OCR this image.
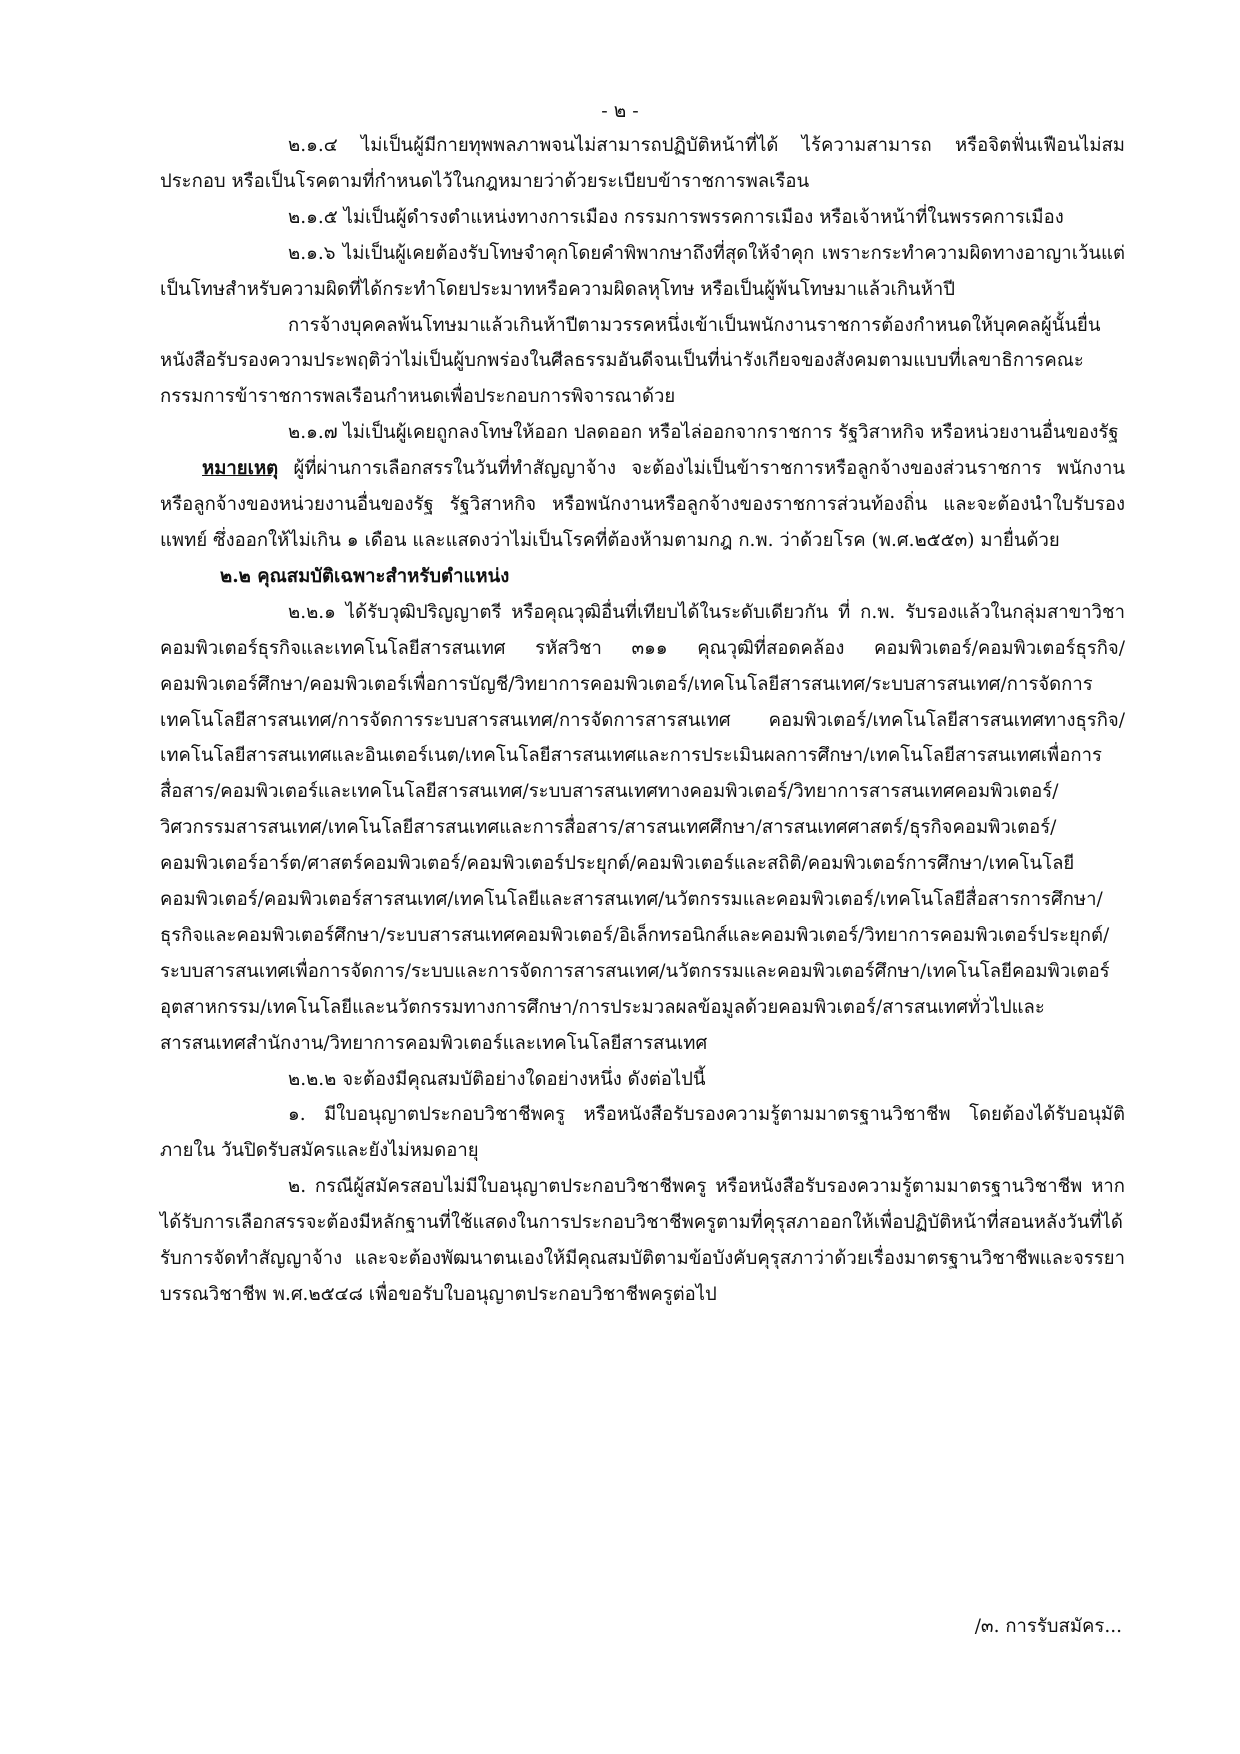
- ๒ -

๒.๑.๔ ไม่เป็นผู้มีกายทุพพลภาพจนไม่สามารถปฏิบัติหน้าที่ได้ ไร้ความสามารถ หรือจิตฟั่นเฟือนไม่สมประกอบ หรือเป็นโรคตามที่กำหนดไว้ในกฎหมายว่าด้วยระเบียบข้าราชการพลเรือน

๒.๑.๕ ไม่เป็นผู้ดำรงตำแหน่งทางการเมือง กรรมการพรรคการเมือง หรือเจ้าหน้าที่ในพรรคการเมือง

๒.๑.๖ ไม่เป็นผู้เคยต้องรับโทษจำคุกโดยคำพิพากษาถึงที่สุดให้จำคุก เพราะกระทำความผิดทางอาญาเว้นแต่เป็นโทษสำหรับความผิดที่ได้กระทำโดยประมาทหรือความผิดลหุโทษ หรือเป็นผู้พ้นโทษมาแล้วเกินห้าปี

การจ้างบุคคลพ้นโทษมาแล้วเกินห้าปีตามวรรคหนึ่งเข้าเป็นพนักงานราชการต้องกำหนดให้บุคคลผู้นั้นยื่นหนังสือรับรองความประพฤติว่าไม่เป็นผู้บกพร่องในศีลธรรมอันดีจนเป็นที่น่ารังเกียจของสังคมตามแบบที่เลขาธิการคณะกรรมการข้าราชการพลเรือนกำหนดเพื่อประกอบการพิจารณาด้วย

๒.๑.๗ ไม่เป็นผู้เคยถูกลงโทษให้ออก ปลดออก หรือไล่ออกจากราชการ รัฐวิสาหกิจ หรือหน่วยงานอื่นของรัฐ

หมายเหตุ ผู้ที่ผ่านการเลือกสรรในวันที่ทำสัญญาจ้าง จะต้องไม่เป็นข้าราชการหรือลูกจ้างของส่วนราชการ พนักงานหรือลูกจ้างของหน่วยงานอื่นของรัฐ รัฐวิสาหกิจ หรือพนักงานหรือลูกจ้างของราชการส่วนท้องถิ่น และจะต้องนำใบรับรองแพทย์ ซึ่งออกให้ไม่เกิน ๑ เดือน และแสดงว่าไม่เป็นโรคที่ต้องห้ามตามกฎ ก.พ. ว่าด้วยโรค (พ.ศ.๒๕๕๓) มายื่นด้วย

๒.๒ คุณสมบัติเฉพาะสำหรับตำแหน่ง

๒.๒.๑ ได้รับวุฒิปริญญาตรี หรือคุณวุฒิอื่นที่เทียบได้ในระดับเดียวกัน ที่ ก.พ. รับรองแล้วในกลุ่มสาขาวิชาคอมพิวเตอร์ธุรกิจและเทคโนโลยีสารสนเทศ รหัสวิชา ๓๑๑ คุณวุฒิที่สอดคล้อง คอมพิวเตอร์/คอมพิวเตอร์ธุรกิจ/คอมพิวเตอร์ศึกษา/คอมพิวเตอร์เพื่อการบัญชี/วิทยาการคอมพิวเตอร์/เทคโนโลยีสารสนเทศ/ระบบสารสนเทศ/การจัดการเทคโนโลยีสารสนเทศ/การจัดการระบบสารสนเทศ/การจัดการสารสนเทศ คอมพิวเตอร์/เทคโนโลยีสารสนเทศทางธุรกิจ/เทคโนโลยีสารสนเทศและอินเตอร์เนต/เทคโนโลยีสารสนเทศและการประเมินผลการศึกษา/เทคโนโลยีสารสนเทศเพื่อการสื่อสาร/คอมพิวเตอร์และเทคโนโลยีสารสนเทศ/ระบบสารสนเทศทางคอมพิวเตอร์/วิทยาการสารสนเทศคอมพิวเตอร์/วิศวกรรมสารสนเทศ/เทคโนโลยีสารสนเทศและการสื่อสาร/สารสนเทศศึกษา/สารสนเทศศาสตร์/ธุรกิจคอมพิวเตอร์/คอมพิวเตอร์อาร์ต/ศาสตร์คอมพิวเตอร์/คอมพิวเตอร์ประยุกต์/คอมพิวเตอร์และสถิติ/คอมพิวเตอร์การศึกษา/เทคโนโลยีคอมพิวเตอร์/คอมพิวเตอร์สารสนเทศ/เทคโนโลยีและสารสนเทศ/นวัตกรรมและคอมพิวเตอร์/เทคโนโลยีสื่อสารการศึกษา/ธุรกิจและคอมพิวเตอร์ศึกษา/ระบบสารสนเทศคอมพิวเตอร์/อิเล็กทรอนิกส์และคอมพิวเตอร์/วิทยาการคอมพิวเตอร์ประยุกต์/ระบบสารสนเทศเพื่อการจัดการ/ระบบและการจัดการสารสนเทศ/นวัตกรรมและคอมพิวเตอร์ศึกษา/เทคโนโลยีคอมพิวเตอร์อุตสาหกรรม/เทคโนโลยีและนวัตกรรมทางการศึกษา/การประมวลผลข้อมูลด้วยคอมพิวเตอร์/สารสนเทศทั่วไปและสารสนเทศสำนักงาน/วิทยาการคอมพิวเตอร์และเทคโนโลยีสารสนเทศ

๒.๒.๒ จะต้องมีคุณสมบัติอย่างใดอย่างหนึ่ง ดังต่อไปนี้

๑. มีใบอนุญาตประกอบวิชาชีพครู หรือหนังสือรับรองความรู้ตามมาตรฐานวิชาชีพ โดยต้องได้รับอนุมัติภายใน วันปิดรับสมัครและยังไม่หมดอายุ

๒. กรณีผู้สมัครสอบไม่มีใบอนุญาตประกอบวิชาชีพครู หรือหนังสือรับรองความรู้ตามมาตรฐานวิชาชีพ หากได้รับการเลือกสรรจะต้องมีหลักฐานที่ใช้แสดงในการประกอบวิชาชีพครูตามที่คุรุสภาออกให้เพื่อปฏิบัติหน้าที่สอนหลังวันที่ได้รับการจัดทำสัญญาจ้าง และจะต้องพัฒนาตนเองให้มีคุณสมบัติตามข้อบังคับคุรุสภาว่าด้วยเรื่องมาตรฐานวิชาชีพและจรรยาบรรณวิชาชีพ พ.ศ.๒๕๔๘ เพื่อขอรับใบอนุญาตประกอบวิชาชีพครูต่อไป

/๓. การรับสมัคร...
